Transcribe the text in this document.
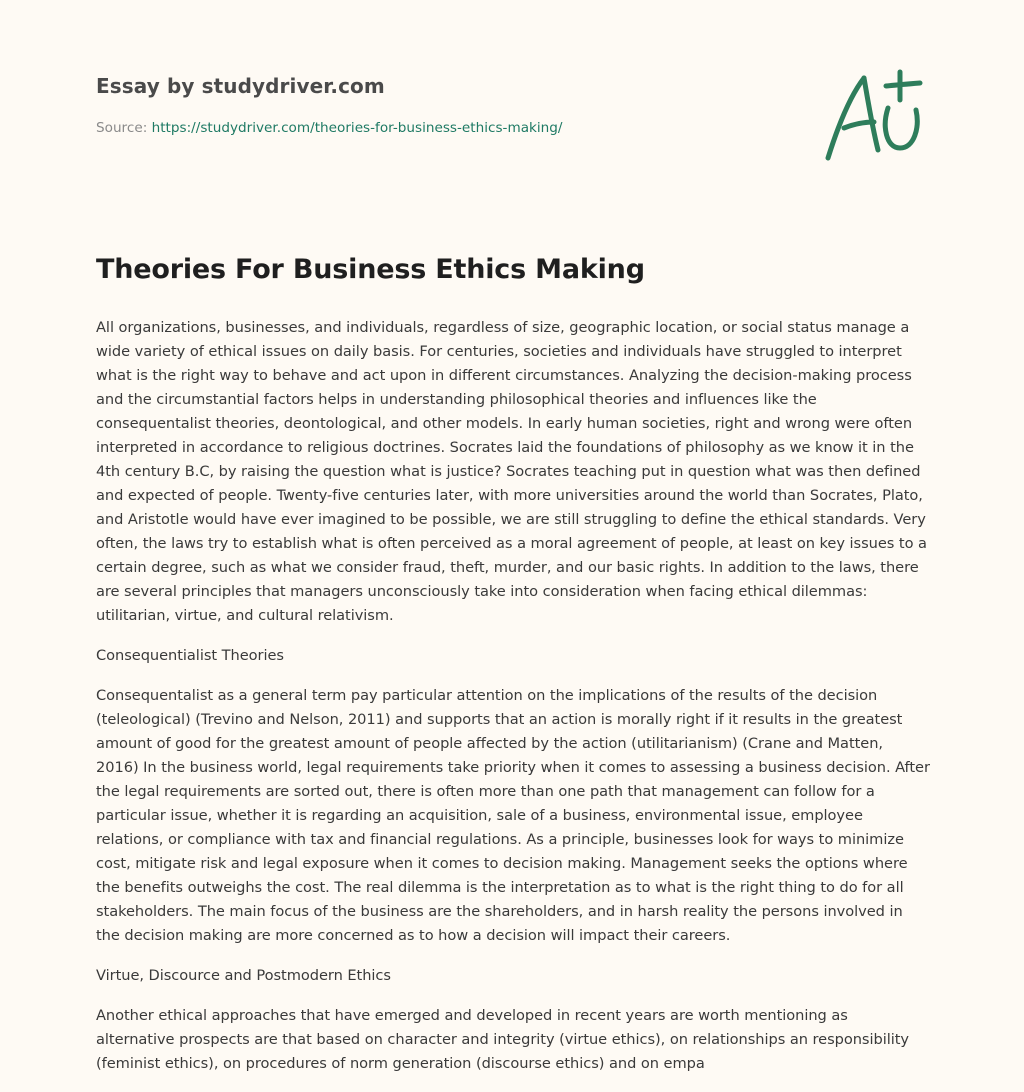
Essay by studydriver.com
Source: https://studydriver.com/theories-for-business-ethics-making/
Theories For Business Ethics Making

All organizations, businesses, and individuals, regardless of size, geographic location, or social status manage a wide variety of ethical issues on daily basis. For centuries, societies and individuals have struggled to interpret what is the right way to behave and act upon in different circumstances. Analyzing the decision-making process and the circumstantial factors helps in understanding philosophical theories and influences like the consequentalist theories, deontological, and other models. In early human societies, right and wrong were often interpreted in accordance to religious doctrines. Socrates laid the foundations of philosophy as we know it in the 4th century B.C, by raising the question what is justice? Socrates teaching put in question what was then defined and expected of people. Twenty-five centuries later, with more universities around the world than Socrates, Plato, and Aristotle would have ever imagined to be possible, we are still struggling to define the ethical standards. Very often, the laws try to establish what is often perceived as a moral agreement of people, at least on key issues to a certain degree, such as what we consider fraud, theft, murder, and our basic rights. In addition to the laws, there are several principles that managers unconsciously take into consideration when facing ethical dilemmas: utilitarian, virtue, and cultural relativism.

Consequentialist Theories

Consequentalist as a general term pay particular attention on the implications of the results of the decision (teleological) (Trevino and Nelson, 2011) and supports that an action is morally right if it results in the greatest amount of good for the greatest amount of people affected by the action (utilitarianism) (Crane and Matten, 2016) In the business world, legal requirements take priority when it comes to assessing a business decision. After the legal requirements are sorted out, there is often more than one path that management can follow for a particular issue, whether it is regarding an acquisition, sale of a business, environmental issue, employee relations, or compliance with tax and financial regulations. As a principle, businesses look for ways to minimize cost, mitigate risk and legal exposure when it comes to decision making. Management seeks the options where the benefits outweighs the cost. The real dilemma is the interpretation as to what is the right thing to do for all stakeholders. The main focus of the business are the shareholders, and in harsh reality the persons involved in the decision making are more concerned as to how a decision will impact their careers.

Virtue, Discource and Postmodern Ethics

Another ethical approaches that have emerged and developed in recent years are worth mentioning as alternative prospects are that based on character and integrity (virtue ethics), on relationships an responsibility (feminist ethics), on procedures of norm generation (discourse ethics) and on empa
